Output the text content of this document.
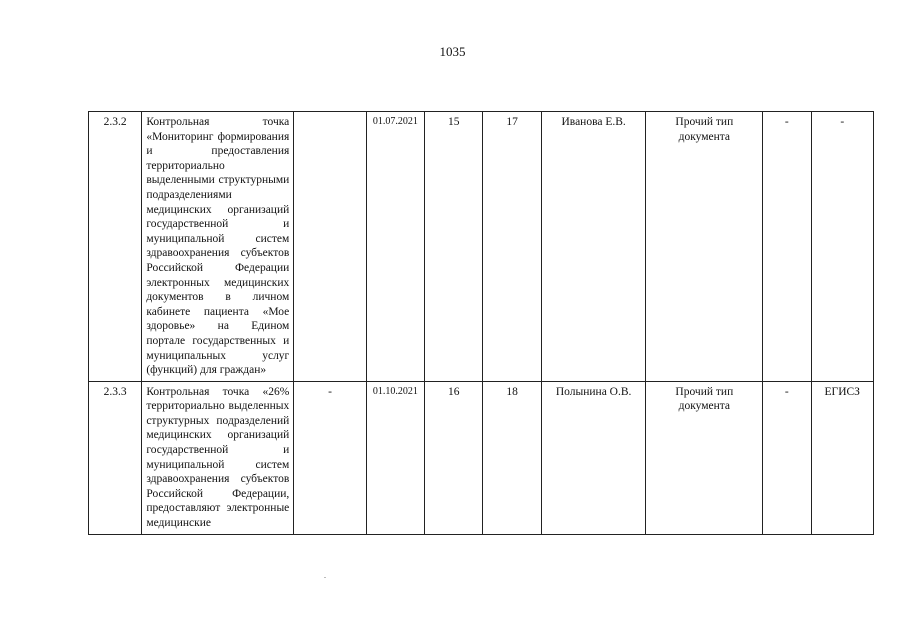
1035
2.3.2	Контрольная точка «Мониторинг формирования и предоставления территориально выделенными структурными подразделениями медицинских организаций государственной и муниципальной систем здравоохранения субъектов Российской Федерации электронных медицинских документов в личном кабинете пациента «Мое здоровье» на Едином портале государственных и муниципальных услуг (функций) для граждан»		01.07.2021	15	17	Иванова Е.В.	Прочий тип документа	-	-
2.3.3	Контрольная точка «26% территориально выделенных структурных подразделений медицинских организаций государственной и муниципальной систем здравоохранения субъектов Российской Федерации, предоставляют электронные медицинские	-	01.10.2021	16	18	Полынина О.В.	Прочий тип документа	-	ЕГИСЗ
